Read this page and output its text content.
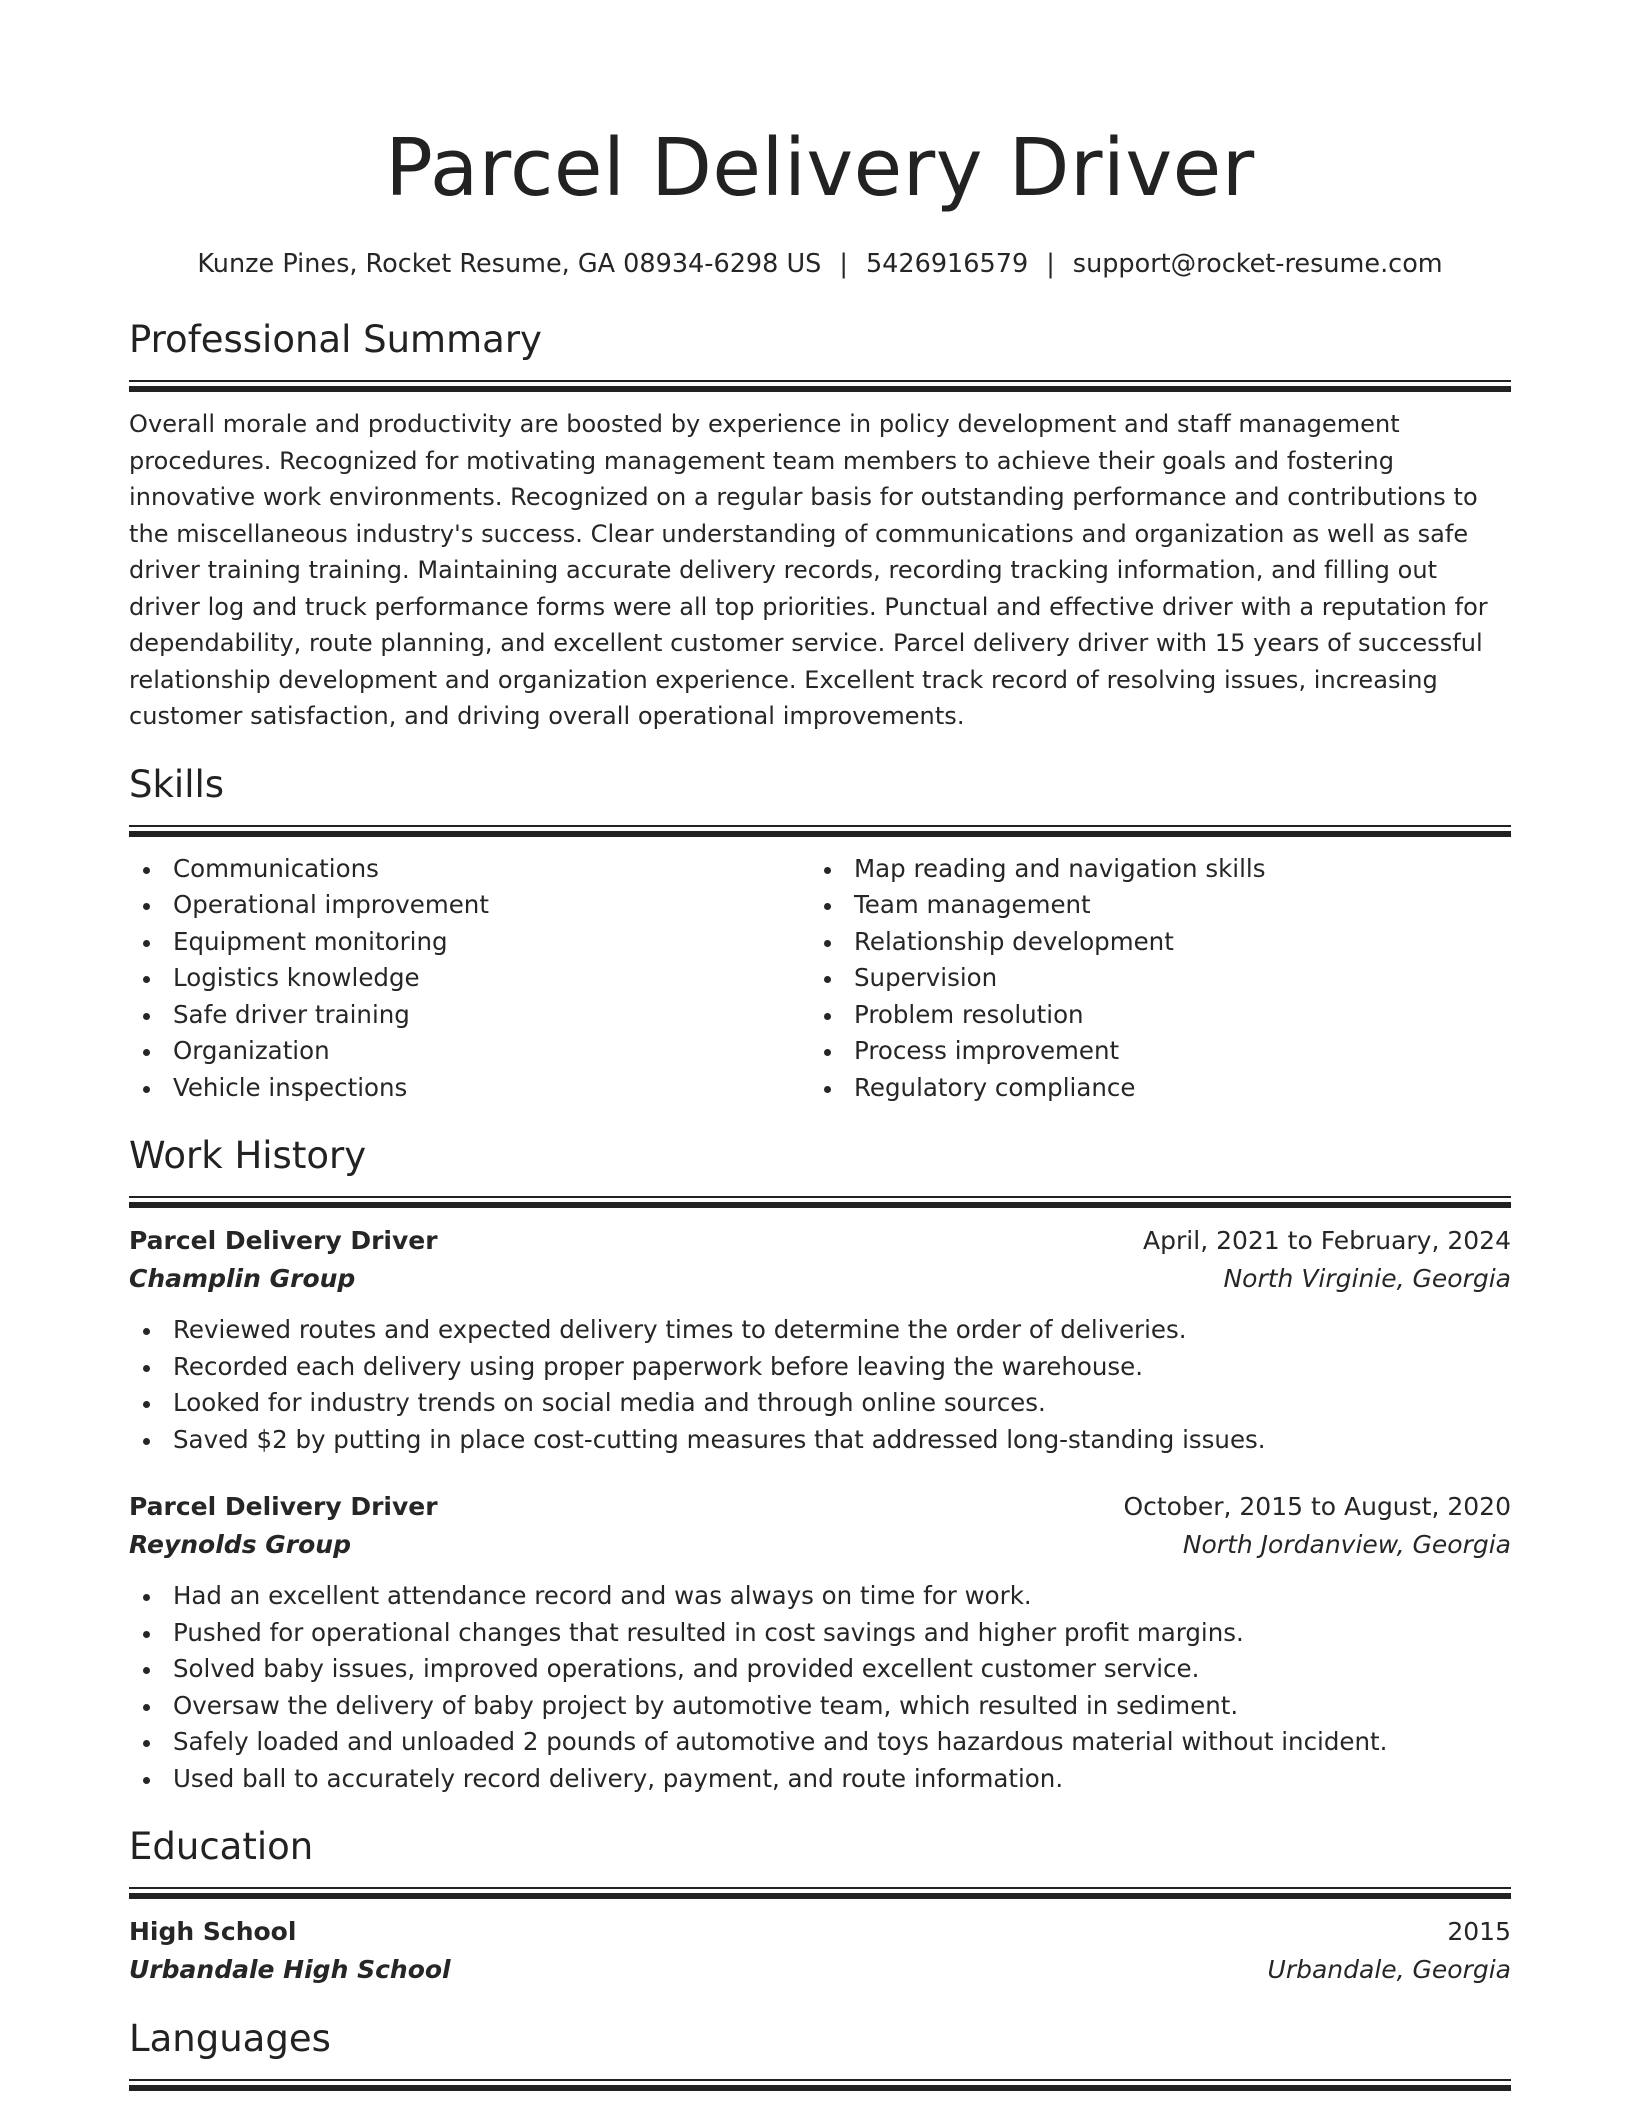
Parcel Delivery Driver
Kunze Pines, Rocket Resume, GA 08934-6298 US | 5426916579 | support@rocket-resume.com
Professional Summary
Overall morale and productivity are boosted by experience in policy development and staff management procedures. Recognized for motivating management team members to achieve their goals and fostering innovative work environments. Recognized on a regular basis for outstanding performance and contributions to the miscellaneous industry's success. Clear understanding of communications and organization as well as safe driver training training. Maintaining accurate delivery records, recording tracking information, and filling out driver log and truck performance forms were all top priorities. Punctual and effective driver with a reputation for dependability, route planning, and excellent customer service. Parcel delivery driver with 15 years of successful relationship development and organization experience. Excellent track record of resolving issues, increasing customer satisfaction, and driving overall operational improvements.
Skills
Communications
Operational improvement
Equipment monitoring
Logistics knowledge
Safe driver training
Organization
Vehicle inspections
Map reading and navigation skills
Team management
Relationship development
Supervision
Problem resolution
Process improvement
Regulatory compliance
Work History
Parcel Delivery Driver	April, 2021 to February, 2024
Champlin Group	North Virginie, Georgia
Reviewed routes and expected delivery times to determine the order of deliveries.
Recorded each delivery using proper paperwork before leaving the warehouse.
Looked for industry trends on social media and through online sources.
Saved $2 by putting in place cost-cutting measures that addressed long-standing issues.
Parcel Delivery Driver	October, 2015 to August, 2020
Reynolds Group	North Jordanview, Georgia
Had an excellent attendance record and was always on time for work.
Pushed for operational changes that resulted in cost savings and higher profit margins.
Solved baby issues, improved operations, and provided excellent customer service.
Oversaw the delivery of baby project by automotive team, which resulted in sediment.
Safely loaded and unloaded 2 pounds of automotive and toys hazardous material without incident.
Used ball to accurately record delivery, payment, and route information.
Education
High School	2015
Urbandale High School	Urbandale, Georgia
Languages
